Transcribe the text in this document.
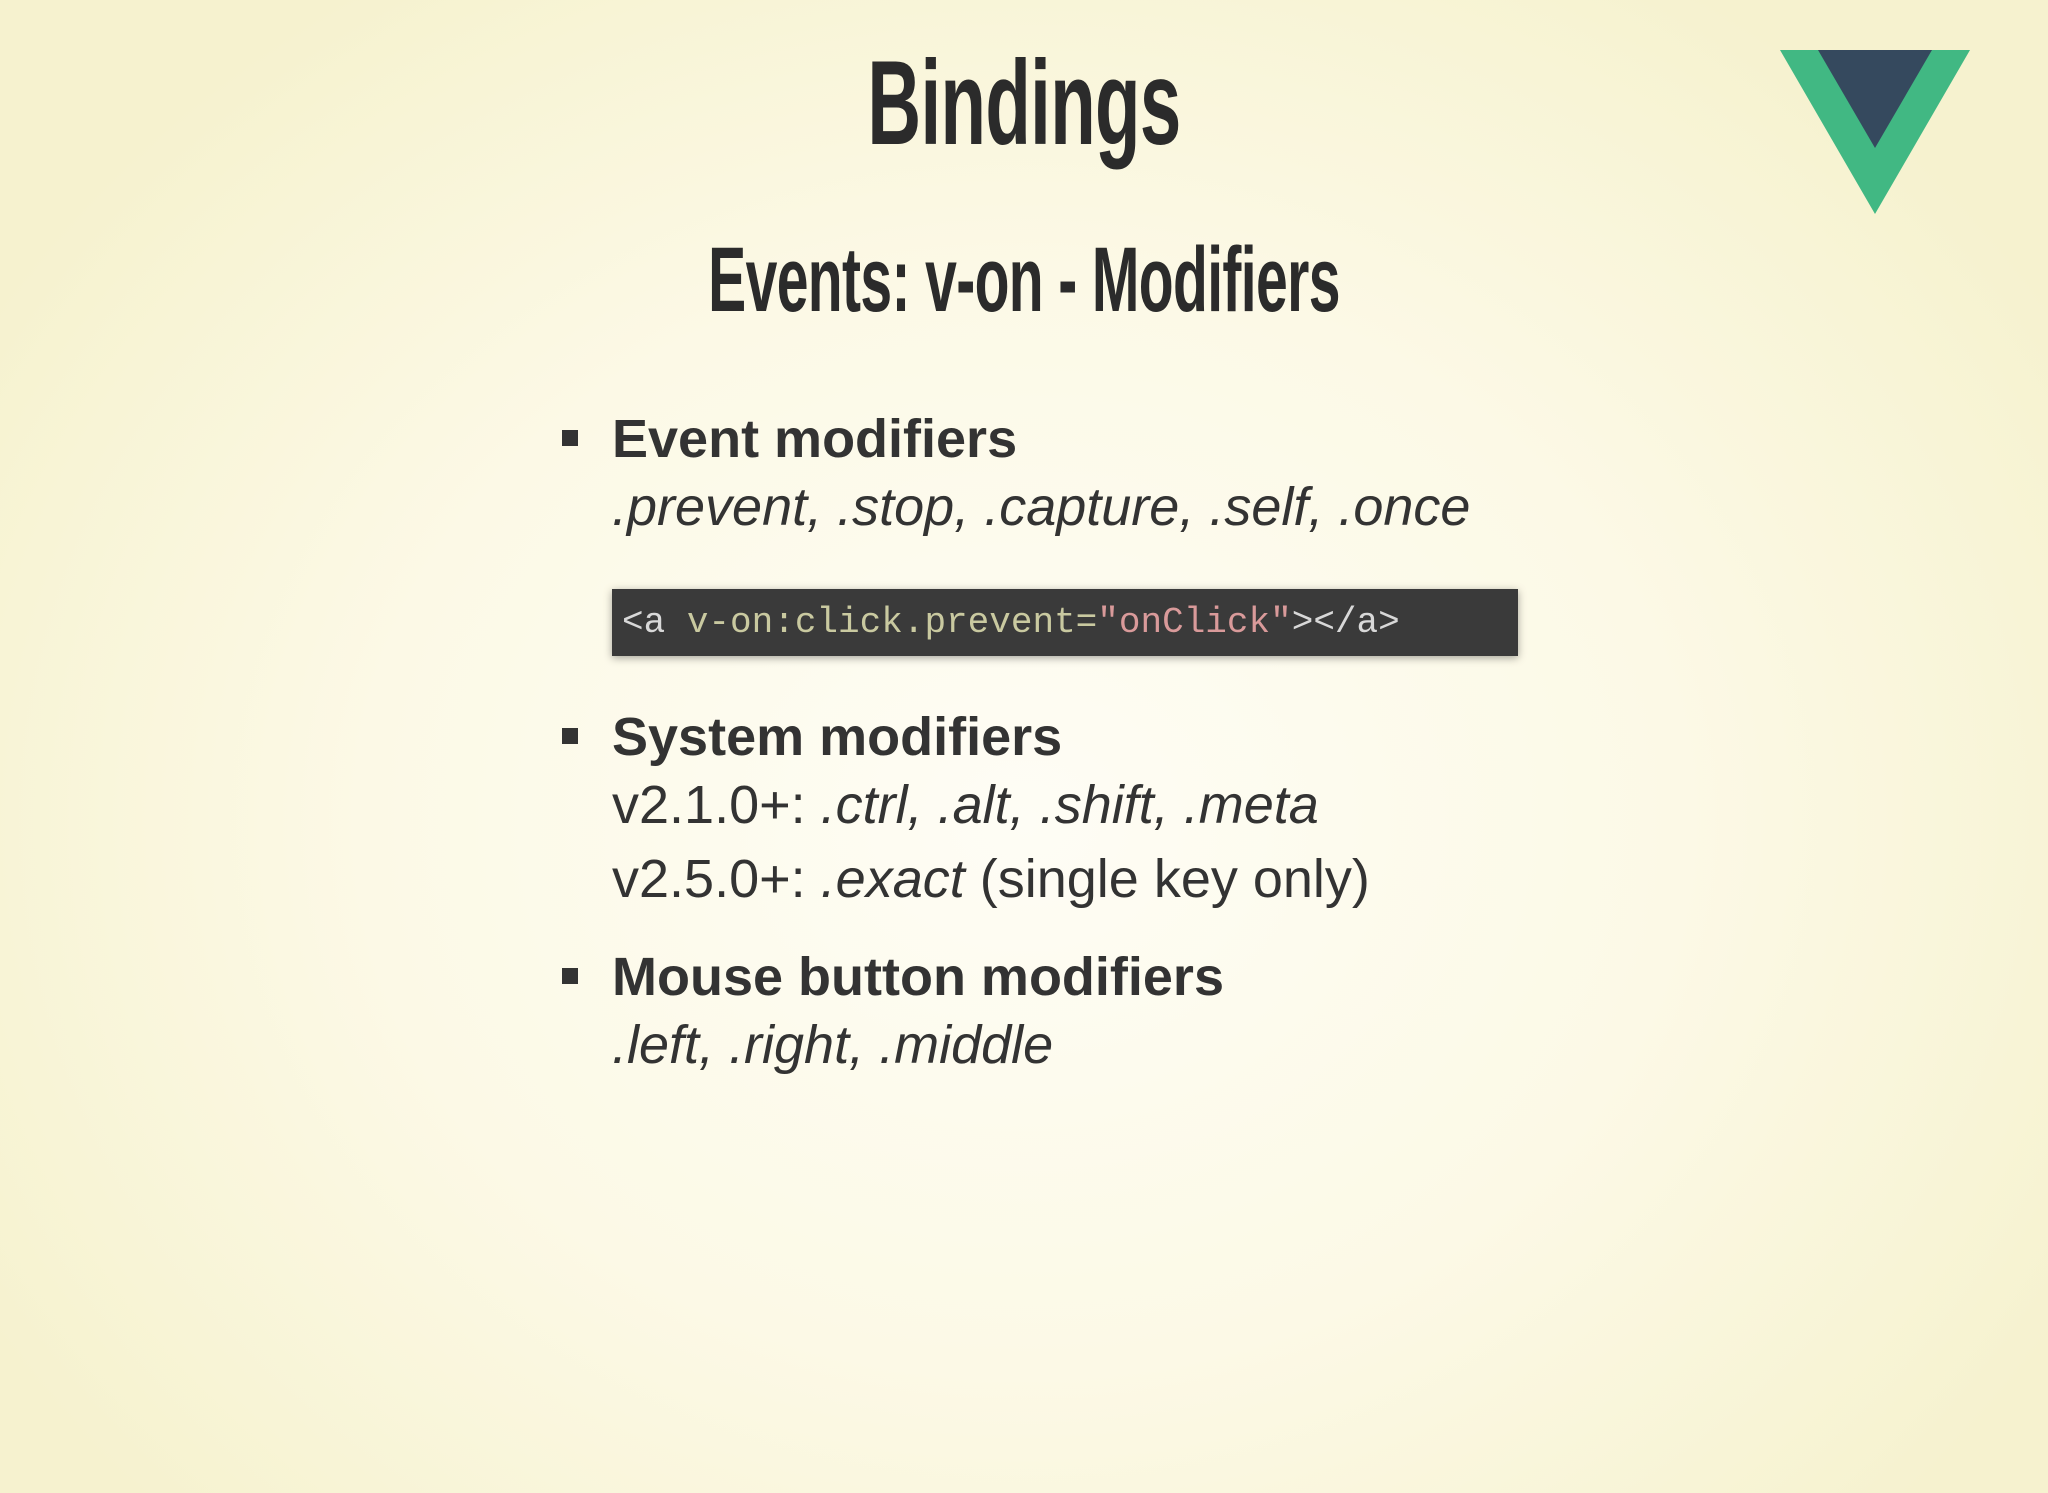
Bindings
Events: v-on - Modifiers
Event modifiers
.prevent, .stop, .capture, .self, .once
<a v-on:click.prevent="onClick"></a>
System modifiers
v2.1.0+: .ctrl, .alt, .shift, .meta
v2.5.0+: .exact (single key only)
Mouse button modifiers
.left, .right, .middle
